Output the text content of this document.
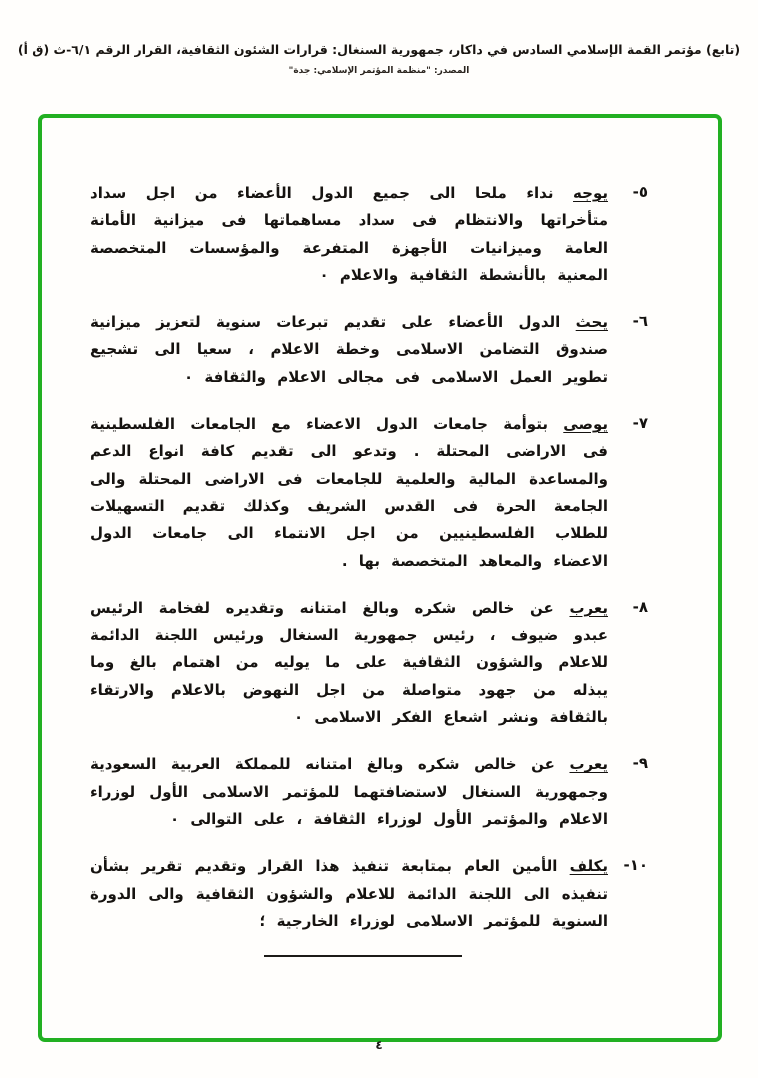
(تابع) مؤتمر القمة الإسلامي السادس في داكار، جمهورية السنغال: قرارات الشئون الثقافية، القرار الرقم ٦/١-ث (ق أ)
المصدر: "منظمة المؤتمر الإسلامي: جدة"
٥-
يوجه نداء ملحا الى جميع الدول الأعضاء من اجل سداد متأخراتها والانتظام فى سداد مساهماتها فى ميزانية الأمانة العامة وميزانيات الأجهزة المتفرعة والمؤسسات المتخصصة المعنية بالأنشطة الثقافية والاعلام ٠
٦-
يحث الدول الأعضاء على تقديم تبرعات سنوية لتعزيز ميزانية صندوق التضامن الاسلامى وخطة الاعلام ، سعيا الى تشجيع تطوير العمل الاسلامى فى مجالى الاعلام والثقافة ٠
٧-
يوصى بتوأمة جامعات الدول الاعضاء مع الجامعات الفلسطينية فى الاراضى المحتلة . وتدعو الى تقديم كافة انواع الدعم والمساعدة المالية والعلمية للجامعات فى الاراضى المحتلة والى الجامعة الحرة فى القدس الشريف وكذلك تقديم التسهيلات للطلاب الفلسطينيين من اجل الانتماء الى جامعات الدول الاعضاء والمعاهد المتخصصة بها .
٨-
يعرب عن خالص شكره وبالغ امتنانه وتقديره لفخامة الرئيس عبدو ضيوف ، رئيس جمهورية السنغال ورئيس اللجنة الدائمة للاعلام والشؤون الثقافية على ما يوليه من اهتمام بالغ وما يبذله من جهود متواصلة من اجل النهوض بالاعلام والارتقاء بالثقافة ونشر اشعاع الفكر الاسلامى ٠
٩-
يعرب عن خالص شكره وبالغ امتنانه للمملكة العربية السعودية وجمهورية السنغال لاستضافتهما للمؤتمر الاسلامى الأول لوزراء الاعلام والمؤتمر الأول لوزراء الثقافة ، على التوالى ٠
١٠-
يكلف الأمين العام بمتابعة تنفيذ هذا القرار وتقديم تقرير بشأن تنفيذه الى اللجنة الدائمة للاعلام والشؤون الثقافية والى الدورة السنوية للمؤتمر الاسلامى لوزراء الخارجية ؛
٤
